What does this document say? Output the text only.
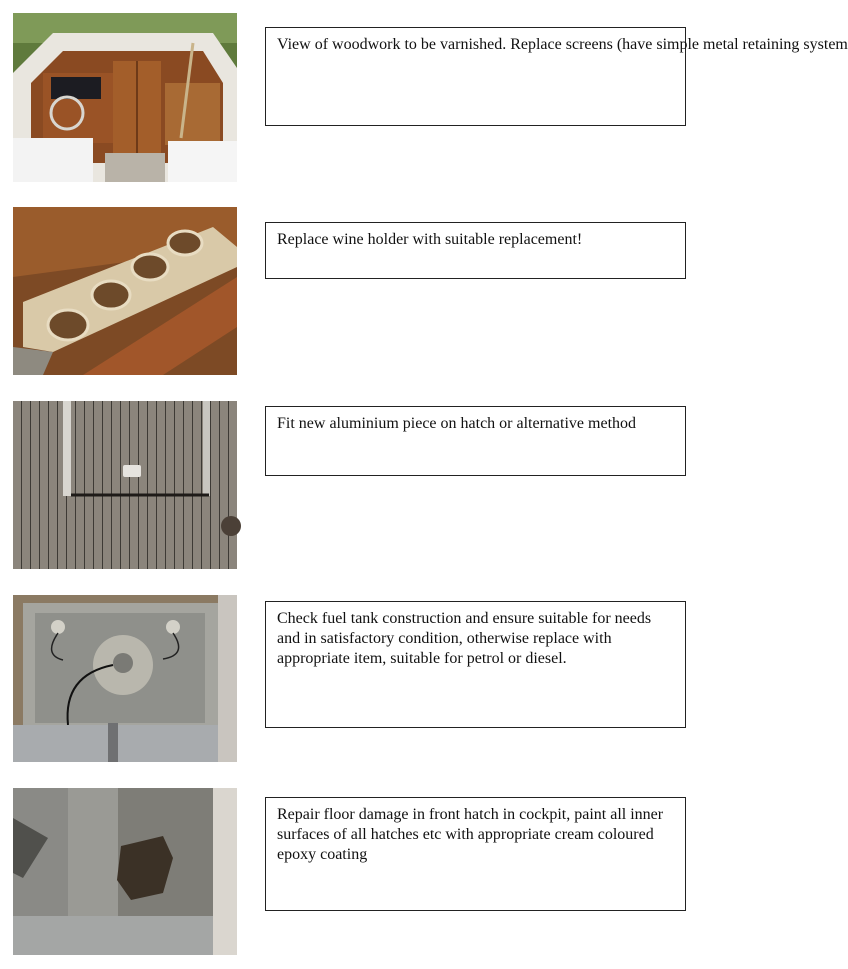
View of woodwork to be varnished. Replace screens (have simple metal retaining system

Replace wine holder with suitable replacement!

Fit new aluminium piece on hatch or alternative method

Check fuel tank construction and ensure suitable for needs and in satisfactory condition, otherwise replace with appropriate item, suitable for petrol or diesel.

Repair floor damage in front hatch in cockpit, paint all inner surfaces of all hatches etc with appropriate cream coloured epoxy coating
